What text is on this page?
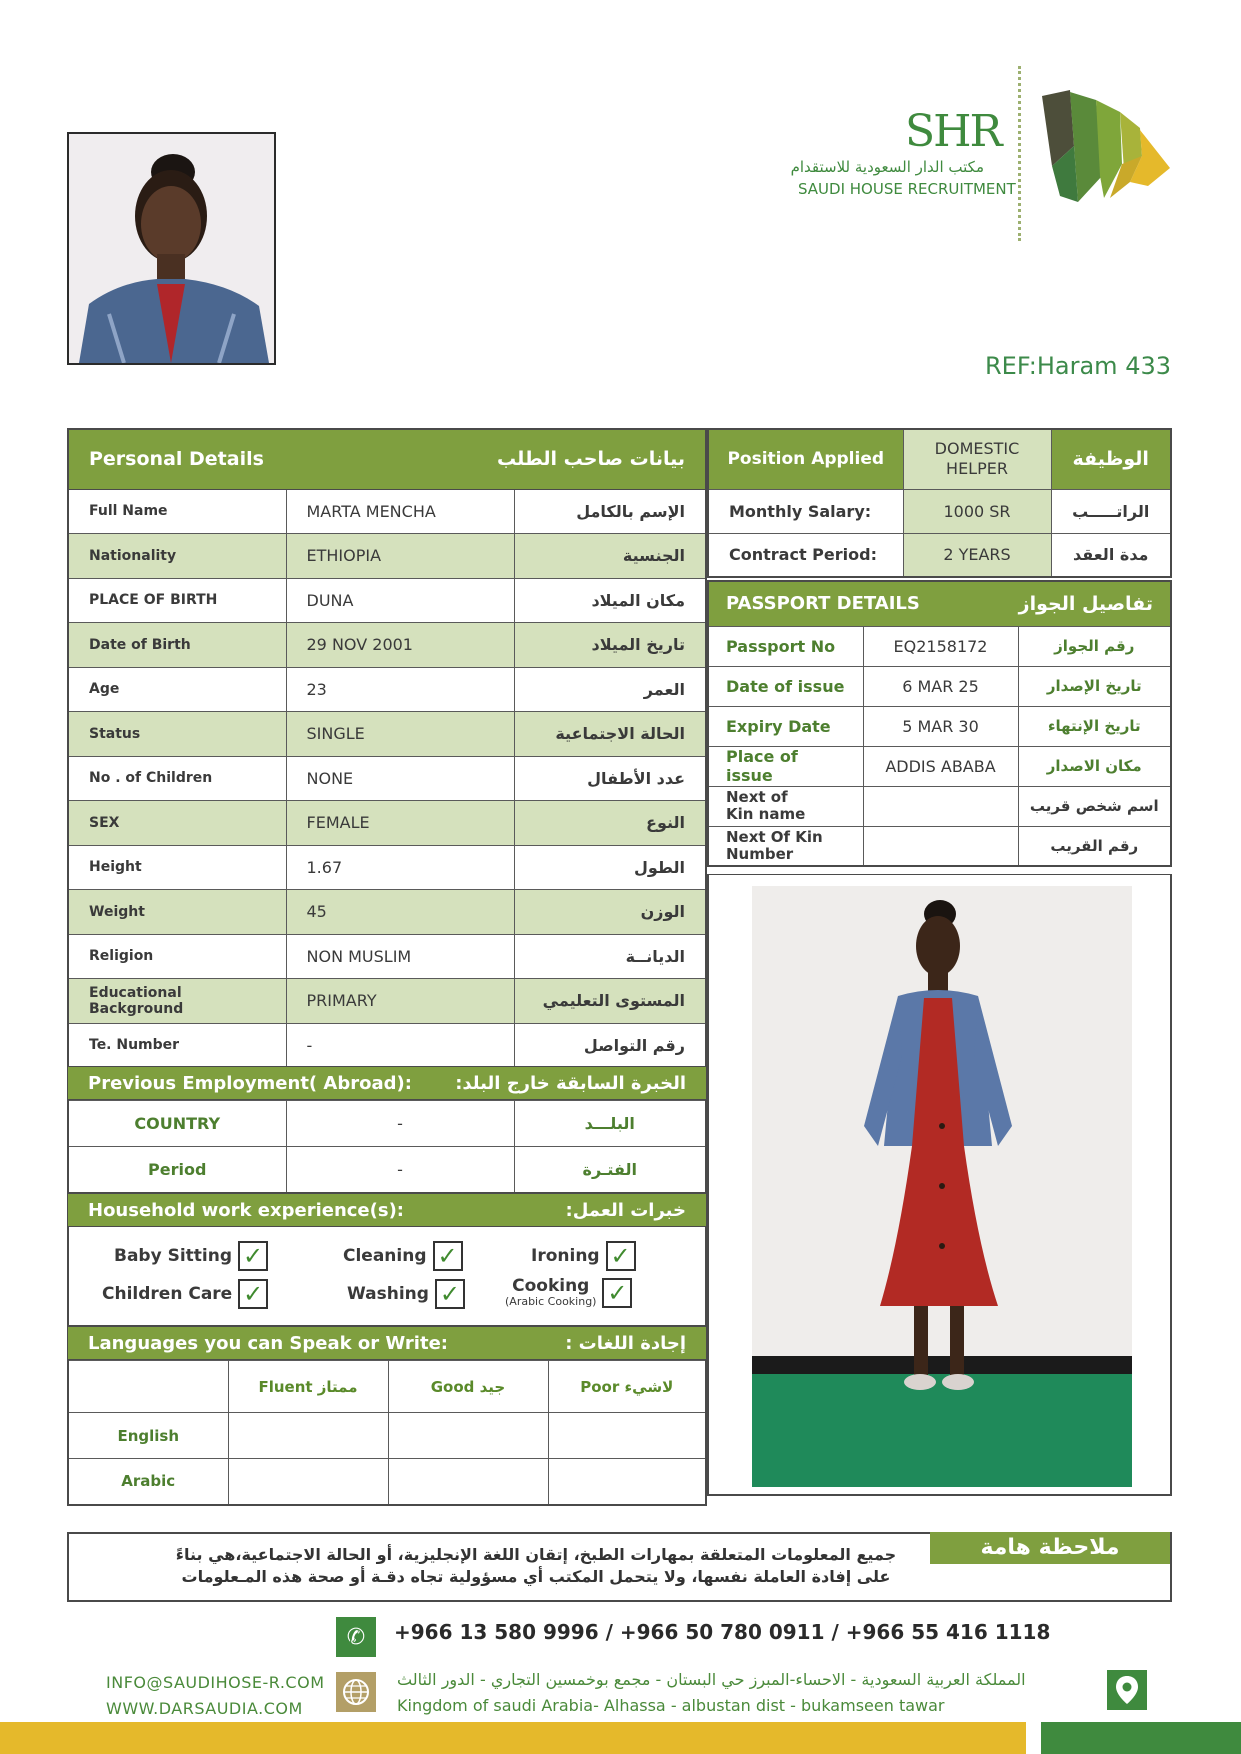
SHR
مكتب الدار السعودية للاستقدام
SAUDI HOUSE RECRUITMENT
REF:Haram 433
Personal Details بيانات صاحب الطلب		

Full Name	MARTA MENCHA	الإسم بالكامل
Nationality	ETHIOPIA	الجنسية
PLACE OF BIRTH	DUNA	مكان الميلاد
Date of Birth	29 NOV 2001	تاريخ الميلاد
Age	23	العمر
Status	SINGLE	الحالة الاجتماعية
No . of Children	NONE	عدد الأطفال
SEX	FEMALE	النوع
Height	1.67	الطول
Weight	45	الوزن
Religion	NON MUSLIM	الديانــة
Educational Background	PRIMARY	المستوى التعليمي
Te. Number	-	رقم التواصل
Position Applied	DOMESTIC HELPER	الوظيفة
Monthly Salary:	1000 SR	الراتـــــب
Contract Period:	2 YEARS	مدة العقد
PASSPORT DETAILS تفاصيل الجواز		

Passport No	EQ2158172	رقم الجواز
Date of issue	6 MAR 25	تاريخ الإصدار
Expiry Date	5 MAR 30	تاريخ الإنتهاء
Place of issue	ADDIS ABABA	مكان الاصدار

Next of
Kin name		اسم شخص قريب

Next Of Kin
Number		رقم القريب
Previous Employment( Abroad): الخبرة السابقة خارج البلد:
COUNTRY	-	البلـــد
Period	-	الفتـرة
Household work experience(s):	خبرات العمل:
Baby Sitting ✓	Cleaning ✓	Ironing ✓
Children Care ✓	Washing ✓	Cooking
(Arabic Cooking) ✓
Languages you can Speak or Write:	إجادة اللغات :
	Fluent ممتاز	Good جيد	Poor لاشيء
English			
Arabic			
ملاحظة هامة
جميع المعلومات المتعلقة بمهارات الطبخ، إتقان اللغة الإنجليزية، أو الحالة الاجتماعية،هي بناءً
على إفادة العاملة نفسها، ولا يتحمل المكتب أي مسؤولية تجاه دقـة أو صحة هذه المـعلومات
✆	+966 13 580 9996 / +966 50 780 0911 / +966 55 416 1118
INFO@SAUDIHOSE-R.COM
WWW.DARSAUDIA.COM
المملكة العربية السعودية - الاحساء-المبرز حي البستان - مجمع بوخمسين التجاري - الدور الثالث
Kingdom of saudi Arabia- Alhassa - albustan dist - bukamseen tawar
